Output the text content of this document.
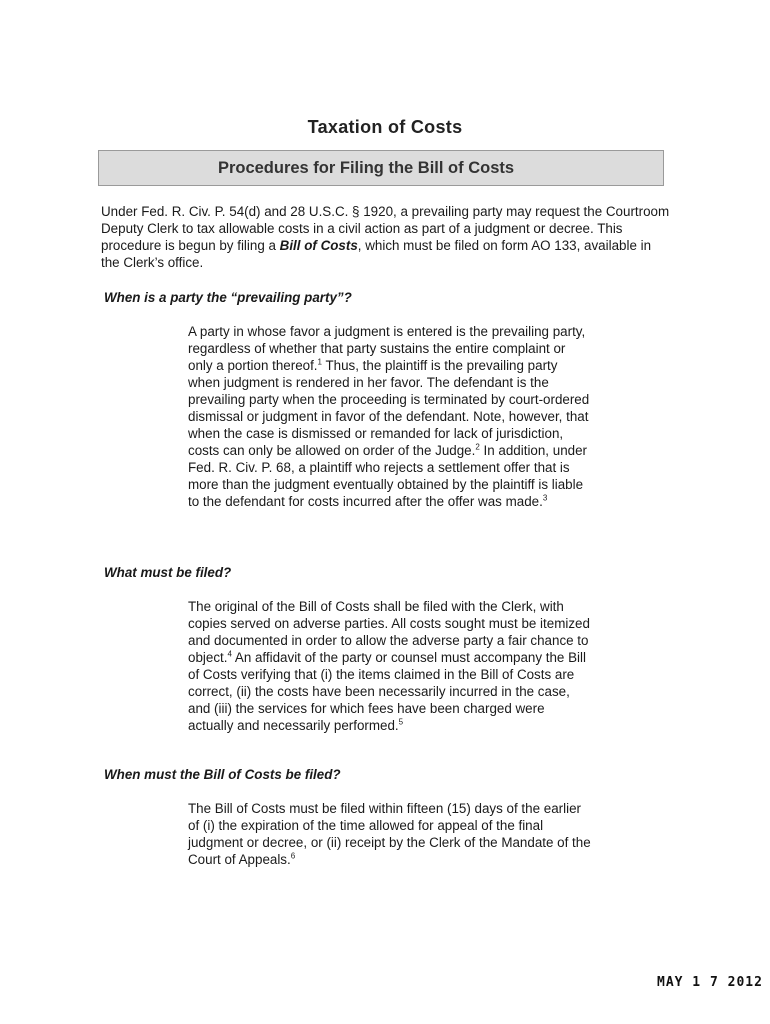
Taxation of Costs
Procedures for Filing the Bill of Costs

Under Fed. R. Civ. P. 54(d) and 28 U.S.C. § 1920, a prevailing party may request the Courtroom Deputy Clerk to tax allowable costs in a civil action as part of a judgment or decree. This procedure is begun by filing a Bill of Costs, which must be filed on form AO 133, available in the Clerk’s office.

When is a party the “prevailing party”?

A party in whose favor a judgment is entered is the prevailing party, regardless of whether that party sustains the entire complaint or only a portion thereof.$^1$ Thus, the plaintiff is the prevailing party when judgment is rendered in her favor. The defendant is the prevailing party when the proceeding is terminated by court-ordered dismissal or judgment in favor of the defendant. Note, however, that when the case is dismissed or remanded for lack of jurisdiction, costs can only be allowed on order of the Judge.$^2$ In addition, under Fed. R. Civ. P. 68, a plaintiff who rejects a settlement offer that is more than the judgment eventually obtained by the plaintiff is liable to the defendant for costs incurred after the offer was made.$^3$

What must be filed?

The original of the Bill of Costs shall be filed with the Clerk, with copies served on adverse parties. All costs sought must be itemized and documented in order to allow the adverse party a fair chance to object.$^4$ An affidavit of the party or counsel must accompany the Bill of Costs verifying that (i) the items claimed in the Bill of Costs are correct, (ii) the costs have been necessarily incurred in the case, and (iii) the services for which fees have been charged were actually and necessarily performed.$^5$

When must the Bill of Costs be filed?

The Bill of Costs must be filed within fifteen (15) days of the earlier of (i) the expiration of the time allowed for appeal of the final judgment or decree, or (ii) receipt by the Clerk of the Mandate of the Court of Appeals.$^6$

MAY 1 7 2012
